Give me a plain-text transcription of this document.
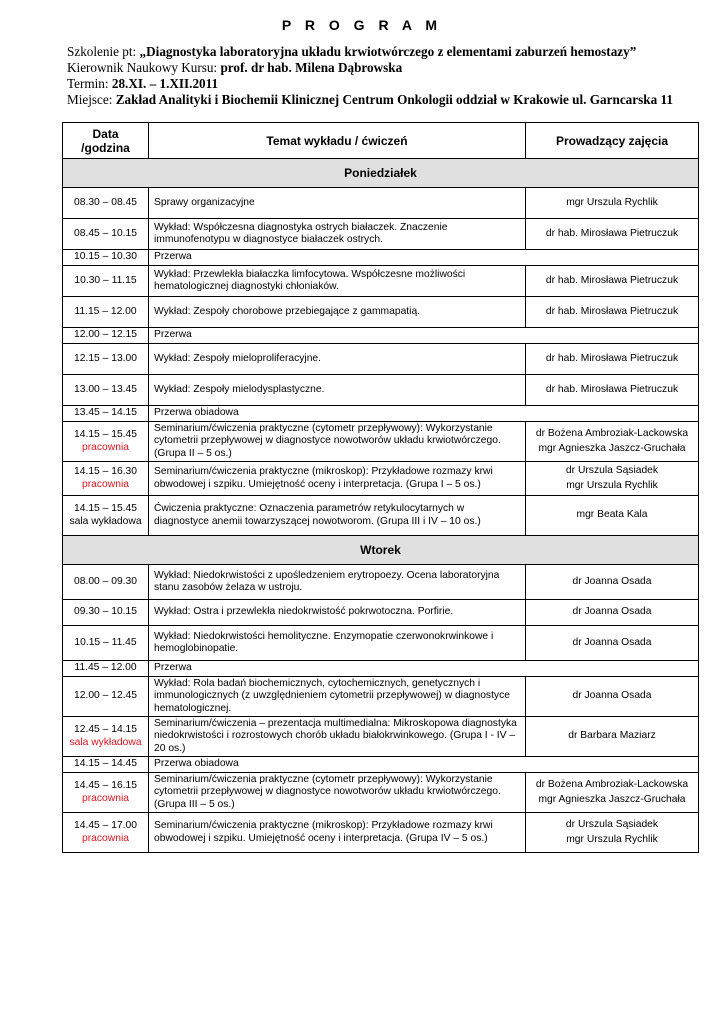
P R O G R A M
Szkolenie pt: „Diagnostyka laboratoryjna układu krwiotwórczego z elementami zaburzeń hemostazy”
Kierownik Naukowy Kursu: prof. dr hab. Milena Dąbrowska
Termin: 28.XI. – 1.XII.2011
Miejsce: Zakład Analityki i Biochemii Klinicznej Centrum Onkologii oddział w Krakowie ul. Garncarska 11
Data /godzina	Temat wykładu / ćwiczeń	Prowadzący zajęcia
Poniedziałek		

08.30 – 08.45	Sprawy organizacyjne	mgr Urszula Rychlik

08.45 – 10.15	Wykład: Współczesna diagnostyka ostrych białaczek. Znaczenie immunofenotypu w diagnostyce białaczek ostrych.	dr hab. Mirosława Pietruczuk

10.15 – 10.30	Przerwa	

10.30 – 11.15	Wykład: Przewlekła białaczka limfocytowa. Współczesne możliwości hematologicznej diagnostyki chłoniaków.	dr hab. Mirosława Pietruczuk

11.15 – 12.00	Wykład: Zespoły chorobowe przebiegające z gammapatią.	dr hab. Mirosława Pietruczuk

12.00 – 12.15	Przerwa	

12.15 – 13.00	Wykład: Zespoły mieloproliferacyjne.	dr hab. Mirosława Pietruczuk

13.00 – 13.45	Wykład: Zespoły mielodysplastyczne.	dr hab. Mirosława Pietruczuk

13.45 – 14.15	Przerwa obiadowa	

14.15 – 15.45
pracownia	Seminarium/ćwiczenia praktyczne (cytometr przepływowy): Wykorzystanie cytometrii przepływowej w diagnostyce nowotworów układu krwiotwórczego. (Grupa II – 5 os.)	dr Bożena Ambroziak-Lackowska
mgr Agnieszka Jaszcz-Gruchała

14.15 – 16.30
pracownia	Seminarium/ćwiczenia praktyczne (mikroskop): Przykładowe rozmazy krwi obwodowej i szpiku. Umiejętność oceny i interpretacja. (Grupa I – 5 os.)	dr Urszula Sąsiadek
mgr Urszula Rychlik

14.15 – 15.45
sala wykładowa	Ćwiczenia praktyczne: Oznaczenia parametrów retykulocytarnych w diagnostyce anemii towarzyszącej nowotworom. (Grupa III i IV – 10 os.)	mgr Beata Kala

Wtorek		

08.00 – 09.30	Wykład: Niedokrwistości z upośledzeniem erytropoezy. Ocena laboratoryjna stanu zasobów żelaza w ustroju.	dr Joanna Osada

09.30 – 10.15	Wykład: Ostra i przewlekła niedokrwistość pokrwotoczna. Porfirie.	dr Joanna Osada

10.15 – 11.45	Wykład: Niedokrwistości hemolityczne. Enzymopatie czerwonokrwinkowe i hemoglobinopatie.	dr Joanna Osada

11.45 – 12.00	Przerwa	

12.00 – 12.45	Wykład: Rola badań biochemicznych, cytochemicznych, genetycznych i immunologicznych (z uwzględnieniem cytometrii przepływowej) w diagnostyce hematologicznej.	dr Joanna Osada

12.45 – 14.15
sala wykładowa	Seminarium/ćwiczenia – prezentacja multimedialna: Mikroskopowa diagnostyka niedokrwistości i rozrostowych chorób układu białokrwinkowego. (Grupa I - IV – 20 os.)	dr Barbara Maziarz

14.15 – 14.45	Przerwa obiadowa	

14.45 – 16.15
pracownia	Seminarium/ćwiczenia praktyczne (cytometr przepływowy): Wykorzystanie cytometrii przepływowej w diagnostyce nowotworów układu krwiotwórczego. (Grupa III – 5 os.)	dr Bożena Ambroziak-Lackowska
mgr Agnieszka Jaszcz-Gruchała

14.45 – 17.00
pracownia	Seminarium/ćwiczenia praktyczne (mikroskop): Przykładowe rozmazy krwi obwodowej i szpiku. Umiejętność oceny i interpretacja. (Grupa IV – 5 os.)	dr Urszula Sąsiadek
mgr Urszula Rychlik
